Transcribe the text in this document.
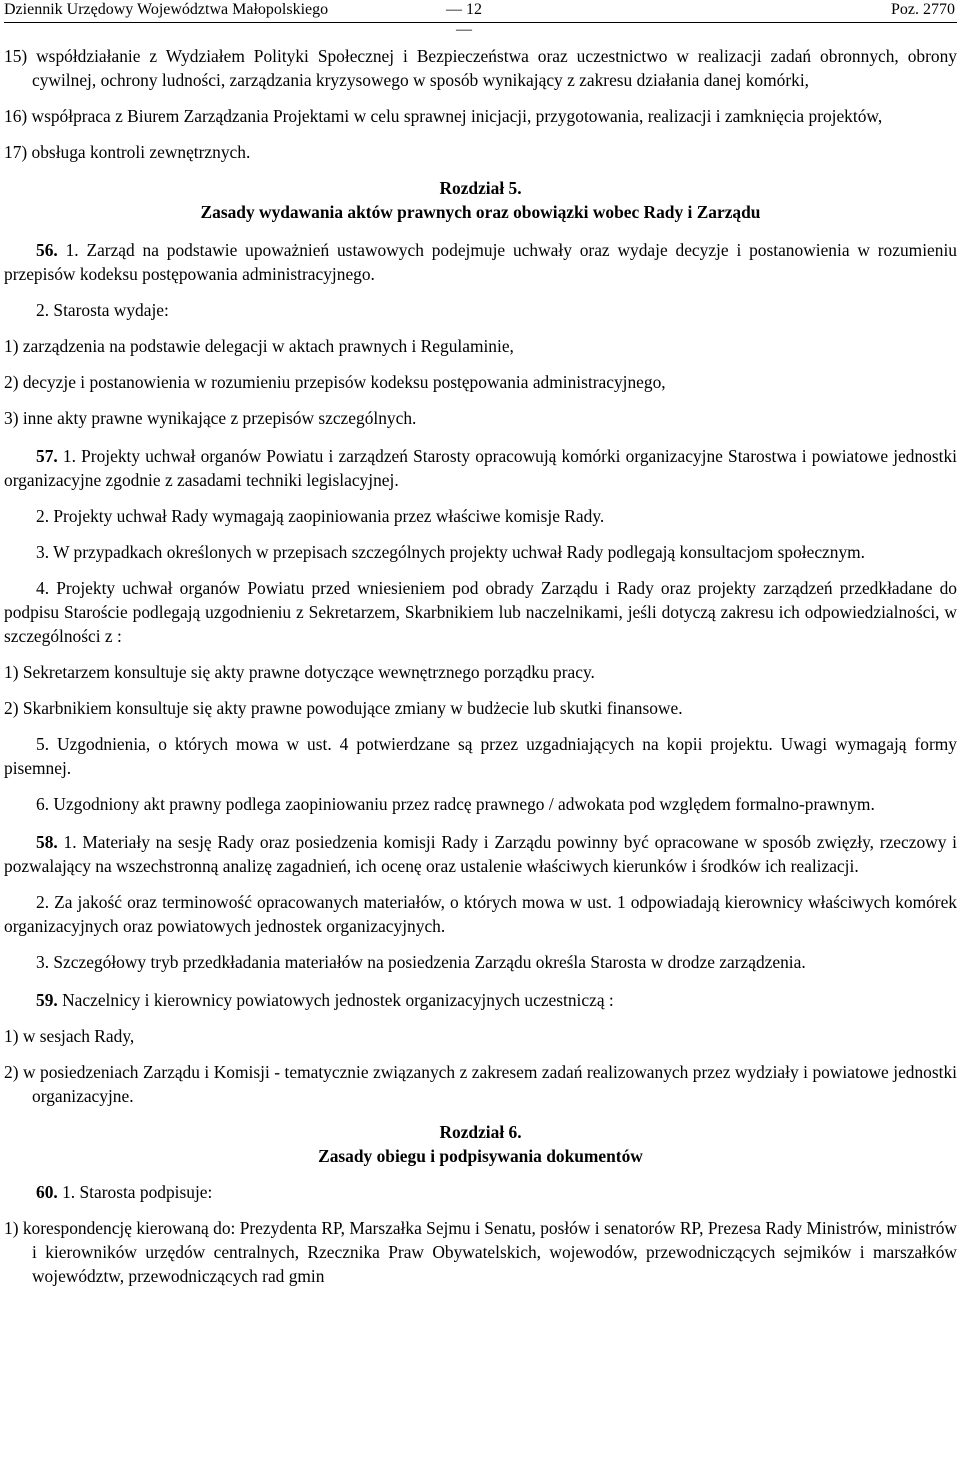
Dziennik Urzędowy Województwa Małopolskiego	— 12 —
Poz. 2770

15) współdziałanie z Wydziałem Polityki Społecznej i Bezpieczeństwa oraz uczestnictwo w realizacji zadań obronnych, obrony cywilnej, ochrony ludności, zarządzania kryzysowego w sposób wynikający z zakresu działania danej komórki,

16) współpraca z Biurem Zarządzania Projektami w celu sprawnej inicjacji, przygotowania, realizacji i zamknięcia projektów,

17) obsługa kontroli zewnętrznych.

Rozdział 5.

Zasady wydawania aktów prawnych oraz obowiązki wobec Rady i Zarządu

56. 1. Zarząd na podstawie upoważnień ustawowych podejmuje uchwały oraz wydaje decyzje i postanowienia w rozumieniu przepisów kodeksu postępowania administracyjnego.

2. Starosta wydaje:

1) zarządzenia na podstawie delegacji w aktach prawnych i Regulaminie,

2) decyzje i postanowienia w rozumieniu przepisów kodeksu postępowania administracyjnego,

3) inne akty prawne wynikające z przepisów szczególnych.

57. 1. Projekty uchwał organów Powiatu i zarządzeń Starosty opracowują komórki organizacyjne Starostwa i powiatowe jednostki organizacyjne zgodnie z zasadami techniki legislacyjnej.

2. Projekty uchwał Rady wymagają zaopiniowania przez właściwe komisje Rady.

3. W przypadkach określonych w przepisach szczególnych projekty uchwał Rady podlegają konsultacjom społecznym.

4. Projekty uchwał organów Powiatu przed wniesieniem pod obrady Zarządu i Rady oraz projekty zarządzeń przedkładane do podpisu Staroście podlegają uzgodnieniu z Sekretarzem, Skarbnikiem lub naczelnikami, jeśli dotyczą zakresu ich odpowiedzialności, w szczególności z :

1) Sekretarzem konsultuje się akty prawne dotyczące wewnętrznego porządku pracy.

2) Skarbnikiem konsultuje się akty prawne powodujące zmiany w budżecie lub skutki finansowe.

5. Uzgodnienia, o których mowa w ust. 4 potwierdzane są przez uzgadniających na kopii projektu. Uwagi wymagają formy pisemnej.

6. Uzgodniony akt prawny podlega zaopiniowaniu przez radcę prawnego / adwokata pod względem formalno-prawnym.

58. 1. Materiały na sesję Rady oraz posiedzenia komisji Rady i Zarządu powinny być opracowane w sposób zwięzły, rzeczowy i pozwalający na wszechstronną analizę zagadnień, ich ocenę oraz ustalenie właściwych kierunków i środków ich realizacji.

2. Za jakość oraz terminowość opracowanych materiałów, o których mowa w ust. 1 odpowiadają kierownicy właściwych komórek organizacyjnych oraz powiatowych jednostek organizacyjnych.

3. Szczegółowy tryb przedkładania materiałów na posiedzenia Zarządu określa Starosta w drodze zarządzenia.

59. Naczelnicy i kierownicy powiatowych jednostek organizacyjnych uczestniczą :

1) w sesjach Rady,

2) w posiedzeniach Zarządu i Komisji - tematycznie związanych z zakresem zadań realizowanych przez wydziały i powiatowe jednostki organizacyjne.

Rozdział 6.

Zasady obiegu i podpisywania dokumentów

60. 1. Starosta podpisuje:

1) korespondencję kierowaną do: Prezydenta RP, Marszałka Sejmu i Senatu, posłów i senatorów RP, Prezesa Rady Ministrów, ministrów i kierowników urzędów centralnych, Rzecznika Praw Obywatelskich, wojewodów, przewodniczących sejmików i marszałków województw, przewodniczących rad gmin
